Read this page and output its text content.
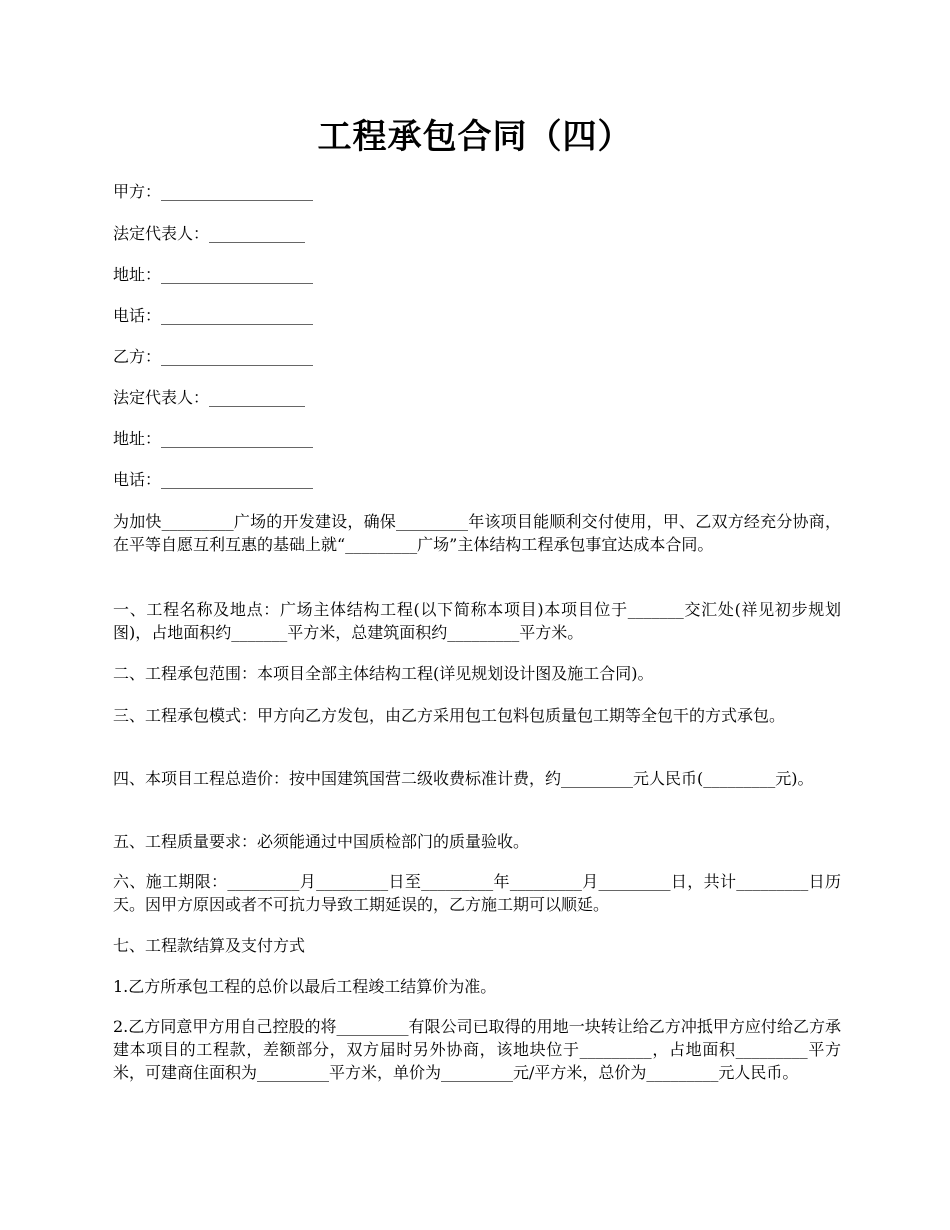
工程承包合同（四）
甲方：___________________
法定代表人：____________
地址：___________________
电话：___________________
乙方：___________________
法定代表人：____________
地址：___________________
电话：___________________
为加快_________广场的开发建设，确保_________年该项目能顺利交付使用，甲、乙双方经充分协商，在平等自愿互利互惠的基础上就“_________广场”主体结构工程承包事宜达成本合同。
一、工程名称及地点：广场主体结构工程(以下简称本项目)本项目位于_______交汇处(祥见初步规划图)，占地面积约_______平方米，总建筑面积约_________平方米。
二、工程承包范围：本项目全部主体结构工程(详见规划设计图及施工合同)。
三、工程承包模式：甲方向乙方发包，由乙方采用包工包料包质量包工期等全包干的方式承包。
四、本项目工程总造价：按中国建筑国营二级收费标准计费，约_________元人民币(_________元)。
五、工程质量要求：必须能通过中国质检部门的质量验收。
六、施工期限：_________月_________日至_________年_________月_________日，共计_________日历天。因甲方原因或者不可抗力导致工期延误的，乙方施工期可以顺延。
七、工程款结算及支付方式
1.乙方所承包工程的总价以最后工程竣工结算价为准。
2.乙方同意甲方用自己控股的将_________有限公司已取得的用地一块转让给乙方冲抵甲方应付给乙方承建本项目的工程款，差额部分，双方届时另外协商，该地块位于_________，占地面积_________平方米，可建商住面积为_________平方米，单价为_________元/平方米，总价为_________元人民币。
